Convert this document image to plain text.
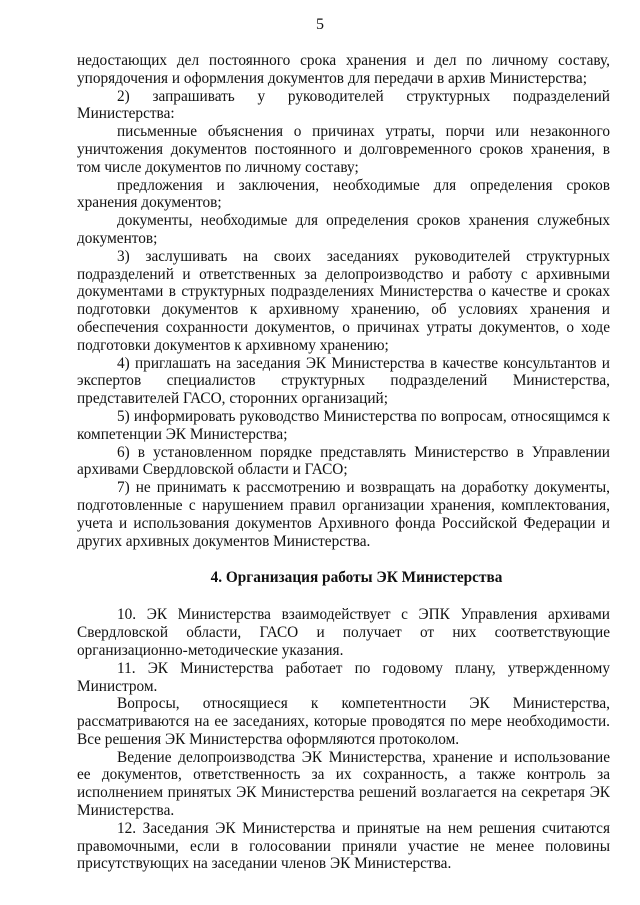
5

недостающих дел постоянного срока хранения и дел по личному составу, упорядочения и оформления документов для передачи в архив Министерства;

2) запрашивать у руководителей структурных подразделений Министерства:

письменные объяснения о причинах утраты, порчи или незаконного уничтожения документов постоянного и долговременного сроков хранения, в том числе документов по личному составу;

предложения и заключения, необходимые для определения сроков хранения документов;

документы, необходимые для определения сроков хранения служебных документов;

3) заслушивать на своих заседаниях руководителей структурных подразделений и ответственных за делопроизводство и работу с архивными документами в структурных подразделениях Министерства о качестве и сроках подготовки документов к архивному хранению, об условиях хранения и обеспечения сохранности документов, о причинах утраты документов, о ходе подготовки документов к архивному хранению;

4) приглашать на заседания ЭК Министерства в качестве консультантов и экспертов специалистов структурных подразделений Министерства, представителей ГАСО, сторонних организаций;

5) информировать руководство Министерства по вопросам, относящимся к компетенции ЭК Министерства;

6) в установленном порядке представлять Министерство в Управлении архивами Свердловской области и ГАСО;

7) не принимать к рассмотрению и возвращать на доработку документы, подготовленные с нарушением правил организации хранения, комплектования, учета и использования документов Архивного фонда Российской Федерации и других архивных документов Министерства.

4. Организация работы ЭК Министерства

10. ЭК Министерства взаимодействует с ЭПК Управления архивами Свердловской области, ГАСО и получает от них соответствующие организационно-методические указания.

11. ЭК Министерства работает по годовому плану, утвержденному Министром.

Вопросы, относящиеся к компетентности ЭК Министерства, рассматриваются на ее заседаниях, которые проводятся по мере необходимости. Все решения ЭК Министерства оформляются протоколом.

Ведение делопроизводства ЭК Министерства, хранение и использование ее документов, ответственность за их сохранность, а также контроль за исполнением принятых ЭК Министерства решений возлагается на секретаря ЭК Министерства.

12. Заседания ЭК Министерства и принятые на нем решения считаются правомочными, если в голосовании приняли участие не менее половины присутствующих на заседании членов ЭК Министерства.
